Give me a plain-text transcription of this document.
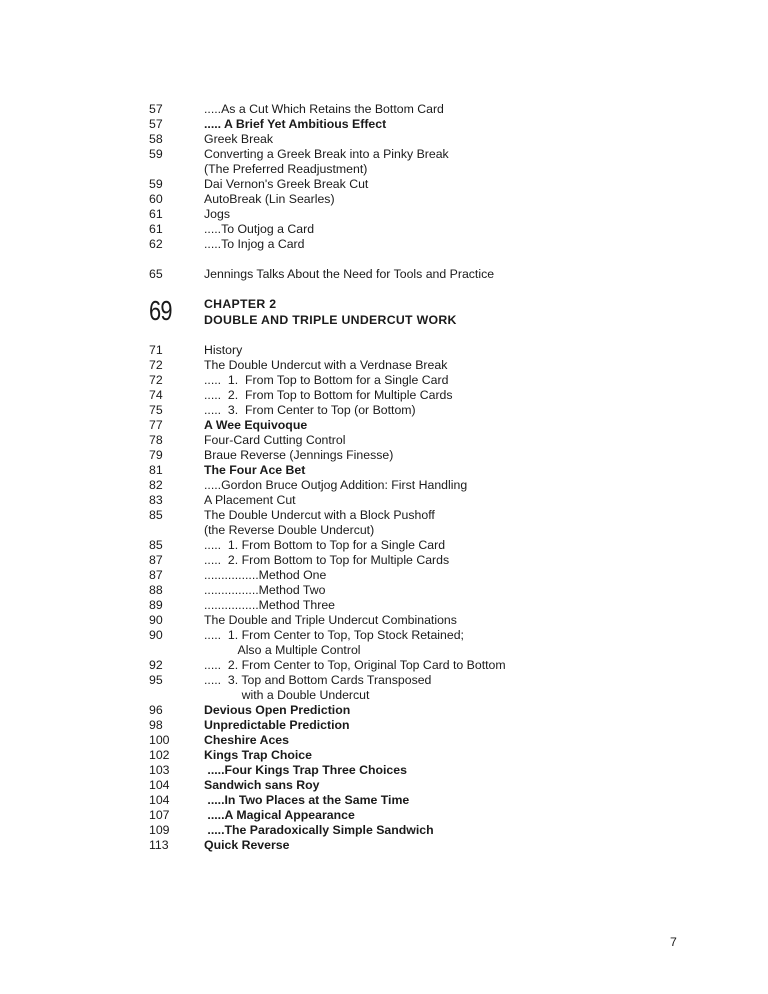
57	.....As a Cut Which Retains the Bottom Card
57	..... A Brief Yet Ambitious Effect
58	Greek Break
59	Converting a Greek Break into a Pinky Break
(The Preferred Readjustment)
59	Dai Vernon's Greek Break Cut
60	AutoBreak (Lin Searles)
61	Jogs
61	.....To Outjog a Card
62	.....To Injog a Card
65	Jennings Talks About the Need for Tools and Practice
69	CHAPTER 2
DOUBLE AND TRIPLE UNDERCUT WORK
71	History
72	The Double Undercut with a Verdnase Break
72	.....  1.  From Top to Bottom for a Single Card
74	.....  2.  From Top to Bottom for Multiple Cards
75	.....  3.  From Center to Top (or Bottom)
77	A Wee Equivoque
78	Four-Card Cutting Control
79	Braue Reverse (Jennings Finesse)
81	The Four Ace Bet
82	.....Gordon Bruce Outjog Addition: First Handling
83	A Placement Cut
85	The Double Undercut with a Block Pushoff
(the Reverse Double Undercut)
85	.....  1. From Bottom to Top for a Single Card
87	.....  2. From Bottom to Top for Multiple Cards
87	................Method One
88	................Method Two
89	................Method Three
90	The Double and Triple Undercut Combinations
90	.....  1. From Center to Top, Top Stock Retained;
Also a Multiple Control
92	.....  2. From Center to Top, Original Top Card to Bottom
95	.....  3. Top and Bottom Cards Transposed
with a Double Undercut
96	Devious Open Prediction
98	Unpredictable Prediction
100	Cheshire Aces
102	Kings Trap Choice
103	.....Four Kings Trap Three Choices
104	Sandwich sans Roy
104	.....In Two Places at the Same Time
107	.....A Magical Appearance
109	.....The Paradoxically Simple Sandwich
113	Quick Reverse
7
